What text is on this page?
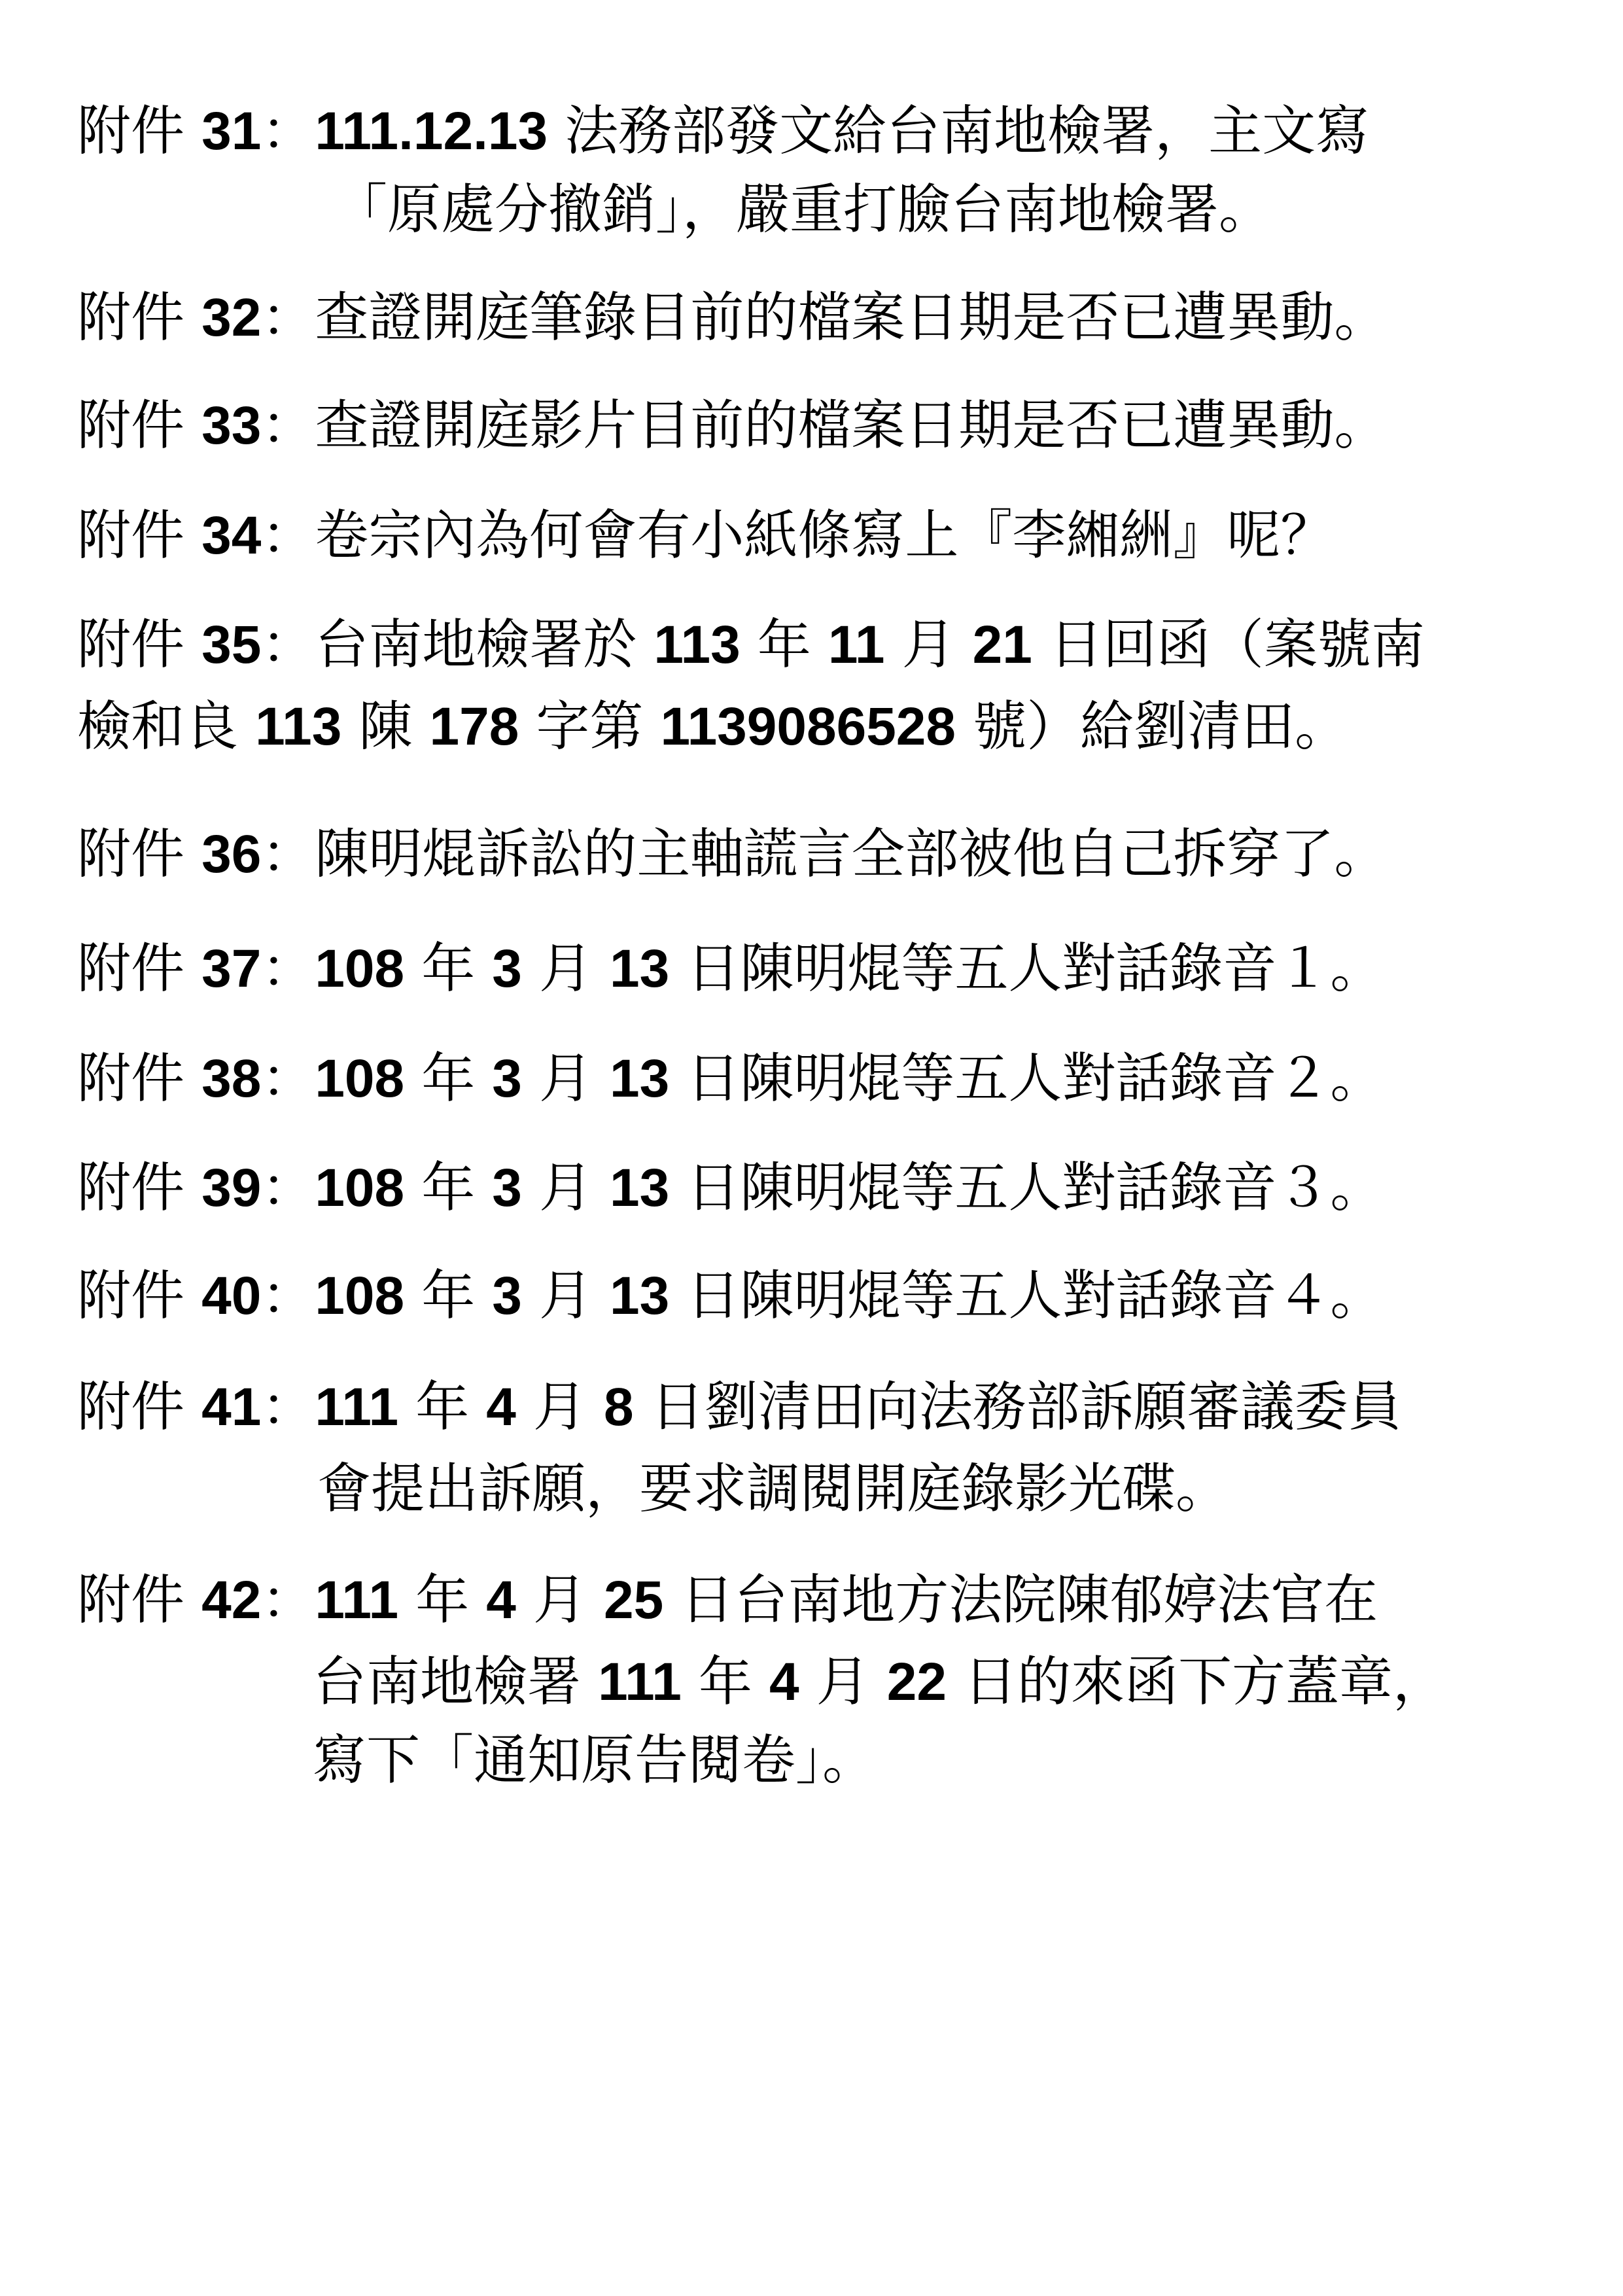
附件 31：111.12.13 法務部發文給台南地檢署，主文寫
「原處分撤銷」，嚴重打臉台南地檢署。
附件 32：查證開庭筆錄目前的檔案日期是否已遭異動。
附件 33：查證開庭影片目前的檔案日期是否已遭異動。
附件 34：卷宗內為何會有小紙條寫上『李緗絒』呢？
附件 35：台南地檢署於 113 年 11 月 21 日回函（案號南
檢和良 113 陳 178 字第 1139086528 號）給劉清田。
附件 36：陳明焜訴訟的主軸謊言全部被他自己拆穿了。
附件 37：108 年 3 月 13 日陳明焜等五人對話錄音１。
附件 38：108 年 3 月 13 日陳明焜等五人對話錄音２。
附件 39：108 年 3 月 13 日陳明焜等五人對話錄音３。
附件 40：108 年 3 月 13 日陳明焜等五人對話錄音４。
附件 41：111 年 4 月 8 日劉清田向法務部訴願審議委員
會提出訴願，要求調閱開庭錄影光碟。
附件 42：111 年 4 月 25 日台南地方法院陳郁婷法官在
台南地檢署 111 年 4 月 22 日的來函下方蓋章，
寫下「通知原告閱卷」。
